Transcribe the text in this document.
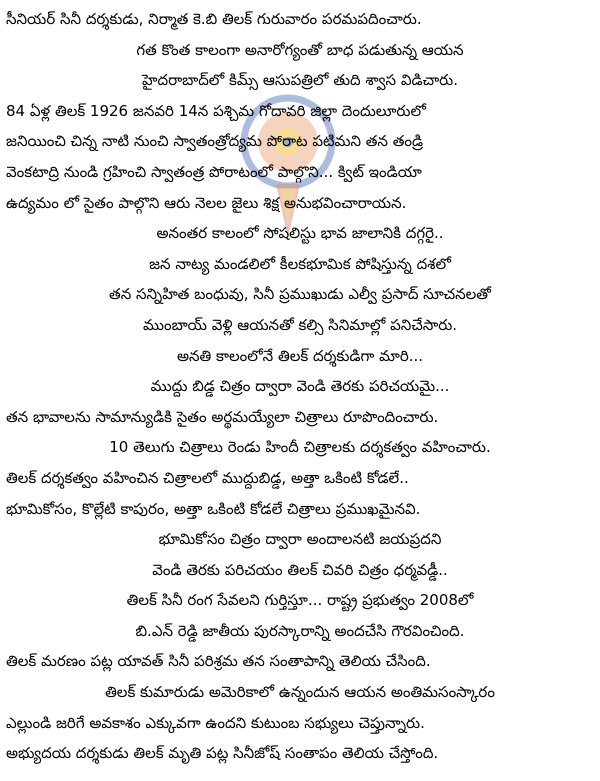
సీనియర్ సినీ దర్శకుడు, నిర్మాత కె.బి తిలక్ గురువారం పరమపదించారు.
గత కొంత కాలంగా అనారోగ్యంతో బాధ పడుతున్న ఆయన
హైదరాబాద్‌లో కిమ్స్ ఆసుపత్రిలో తుది శ్వాస విడిచారు.
84 ఏళ్ల తిలక్ 1926 జనవరి 14న పశ్చిమ గోదావరి జిల్లా దెందులూరులో
జనియించి చిన్న నాటి నుంచి స్వాతంత్రోద్యమ పోరాట పటిమని తన తండ్రి
వెంకటాద్రి నుండి గ్రహించి స్వాతంత్ర పోరాటంలో పాల్గొని... క్విట్ ఇండియా
ఉద్యమం లో సైతం పాల్గొని ఆరు నెలల జైలు శిక్ష అనుభవించారాయన.
అనంతర కాలంలో సోషలిస్టు భావ జాలానికి దగ్గరై..
జన నాట్య మండలిలో కీలకభూమిక పోషిస్తున్న దశలో
తన సన్నిహిత బంధువు, సినీ ప్రముఖుడు ఎల్వీ ప్రసాద్ సూచనలతో
ముంబాయ్ వెళ్లి ఆయనతో కల్సి సినిమాల్లో పనిచేసారు.
అనతి కాలంలోనే తిలక్ దర్శకుడిగా మారి...
ముద్దు బిడ్డ చిత్రం ద్వారా వెండి తెరకు పరిచయమై...
తన భావాలను సామాన్యుడికి సైతం అర్థమయ్యేలా చిత్రాలు రూపొందించారు.
10 తెలుగు చిత్రాలు రెండు హిందీ చిత్రాలకు దర్శకత్వం వహించారు.
తిలక్ దర్శకత్వం వహించిన చిత్రాలలో ముద్దుబిడ్డ, అత్తా ఒకింటి కోడలే..
భూమికోసం, కొల్లేటి కాపురం, అత్తా ఒకింటి కోడలే చిత్రాలు ప్రముఖమైనవి.
భూమికోసం చిత్రం ద్వారా అందాలనటి జయప్రదని
వెండి తెరకు పరిచయం తిలక్ చివరి చిత్రం ధర్మవడ్డీ..
తిలక్ సినీ రంగ సేవలని గుర్తిస్తూ... రాష్ట్ర ప్రభుత్వం 2008లో
బి.ఎన్ రెడ్డి జాతీయ పురస్కారాన్ని అందచేసి గౌరవించింది.
తిలక్ మరణం పట్ల యావత్ సినీ పరిశ్రమ తన సంతాపాన్ని తెలియ చేసింది.
తిలక్ కుమారుడు అమెరికాలో ఉన్నందున ఆయన అంతిమసంస్కారం
ఎల్లుండి జరిగే అవకాశం ఎక్కువగా ఉందని కుటుంబ సభ్యులు చెప్తున్నారు.
అభ్యుదయ దర్శకుడు తిలక్ మృతి పట్ల సినీజోష్ సంతాపం తెలియ చేస్తోంది.
